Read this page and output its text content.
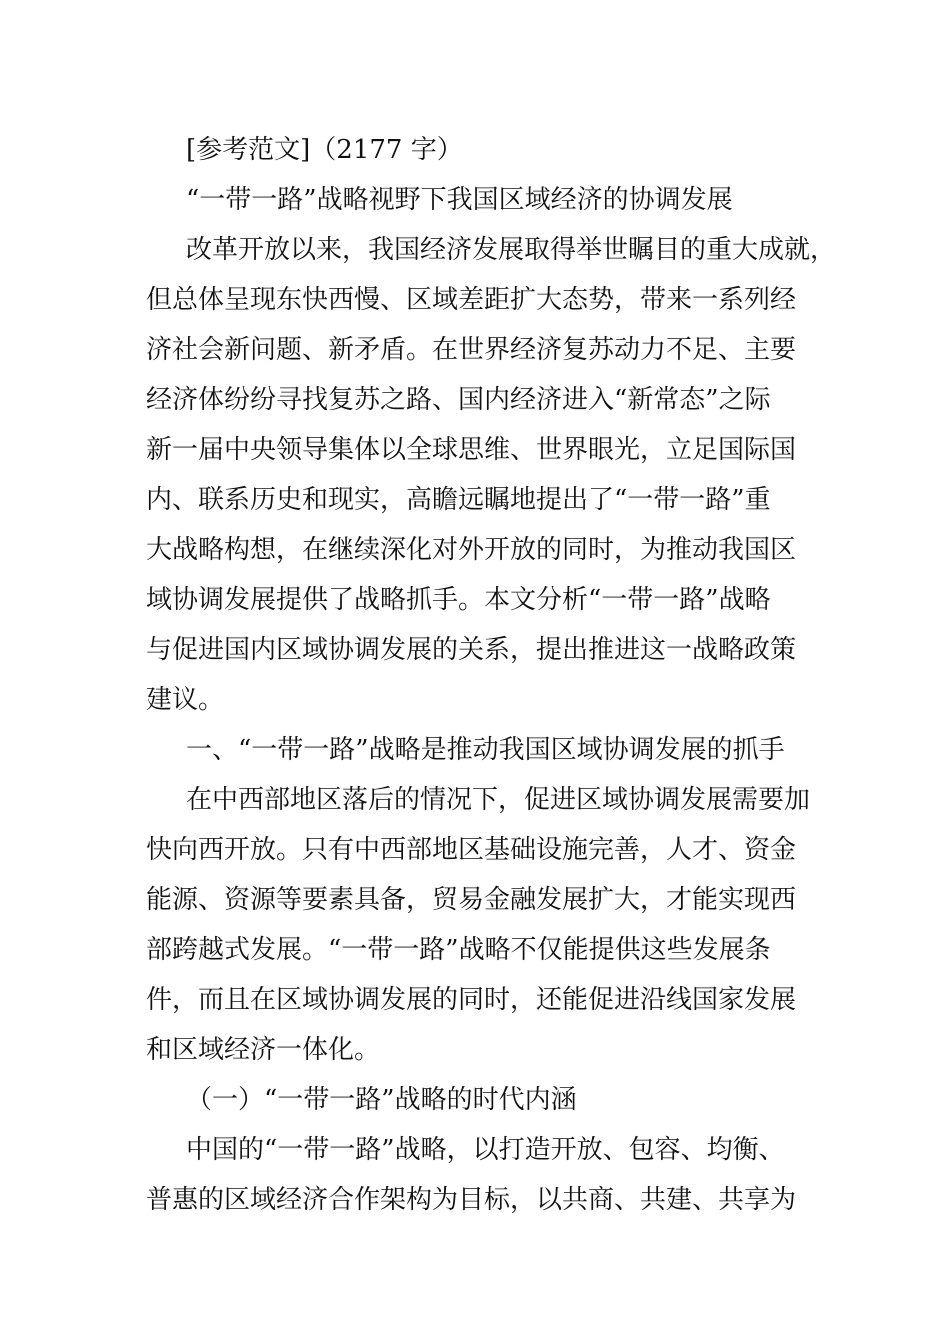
[参考范文]（2177 字）
“一带一路”战略视野下我国区域经济的协调发展
改革开放以来，我国经济发展取得举世瞩目的重大成就，
但总体呈现东快西慢、区域差距扩大态势，带来一系列经
济社会新问题、新矛盾。在世界经济复苏动力不足、主要
经济体纷纷寻找复苏之路、国内经济进入“新常态”之际
新一届中央领导集体以全球思维、世界眼光，立足国际国
内、联系历史和现实，高瞻远瞩地提出了“一带一路”重
大战略构想，在继续深化对外开放的同时，为推动我国区
域协调发展提供了战略抓手。本文分析“一带一路”战略
与促进国内区域协调发展的关系，提出推进这一战略政策
建议。
一、“一带一路”战略是推动我国区域协调发展的抓手
在中西部地区落后的情况下，促进区域协调发展需要加
快向西开放。只有中西部地区基础设施完善，人才、资金
能源、资源等要素具备，贸易金融发展扩大，才能实现西
部跨越式发展。“一带一路”战略不仅能提供这些发展条
件，而且在区域协调发展的同时，还能促进沿线国家发展
和区域经济一体化。
（一）“一带一路”战略的时代内涵
中国的“一带一路”战略，以打造开放、包容、均衡、
普惠的区域经济合作架构为目标，以共商、共建、共享为
